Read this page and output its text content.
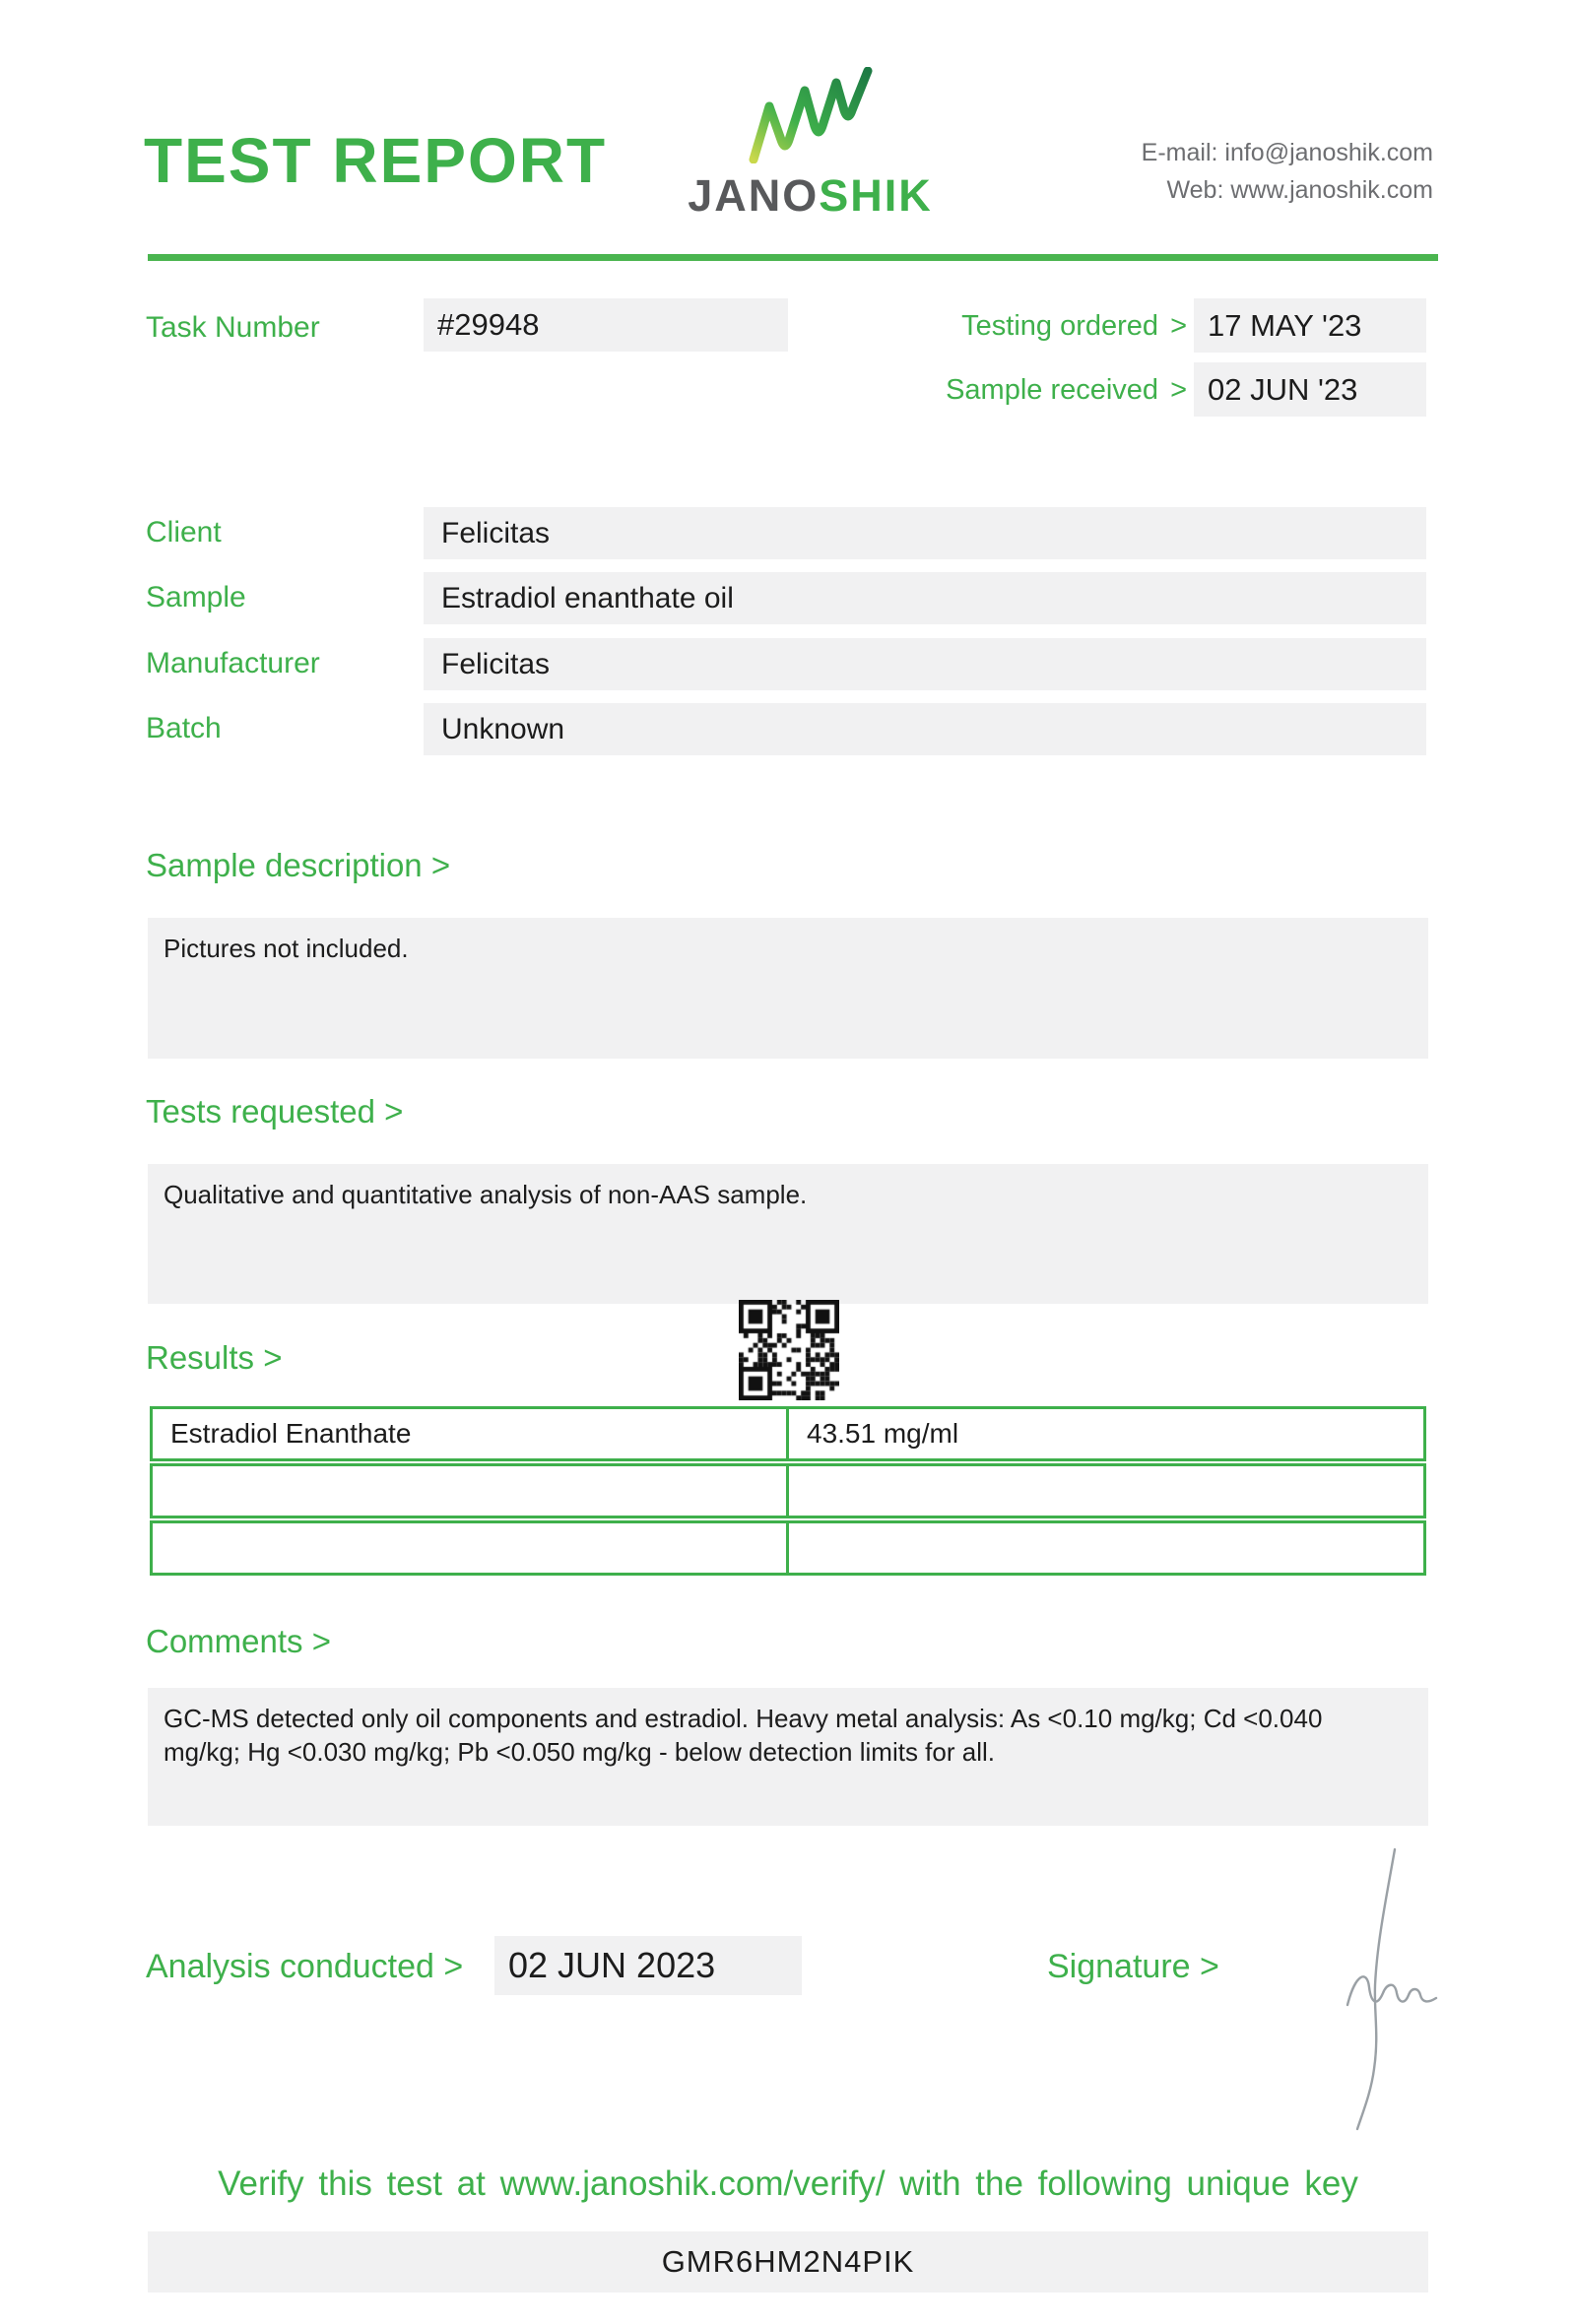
TEST REPORT JANOSHIK
E-mail: info@janoshik.com
Web: www.janoshik.com
Task Number	#29948	Testing ordered > 17 MAY '23
Sample received > 02 JUN '23
Client	Felicitas
Sample	Estradiol enanthate oil
Manufacturer	Felicitas
Batch	Unknown
Sample description >

Pictures not included.

Tests requested >

Qualitative and quantitative analysis of non-AAS sample.

Results >
Estradiol Enanthate	43.51 mg/ml
Comments >

GC-MS detected only oil components and estradiol. Heavy metal analysis: As <0.10 mg/kg; Cd <0.040 mg/kg; Hg <0.030 mg/kg; Pb <0.050 mg/kg - below detection limits for all.

Analysis conducted >	02 JUN 2023	Signature >
Verify this test at www.janoshik.com/verify/ with the following unique key
GMR6HM2N4PIK
